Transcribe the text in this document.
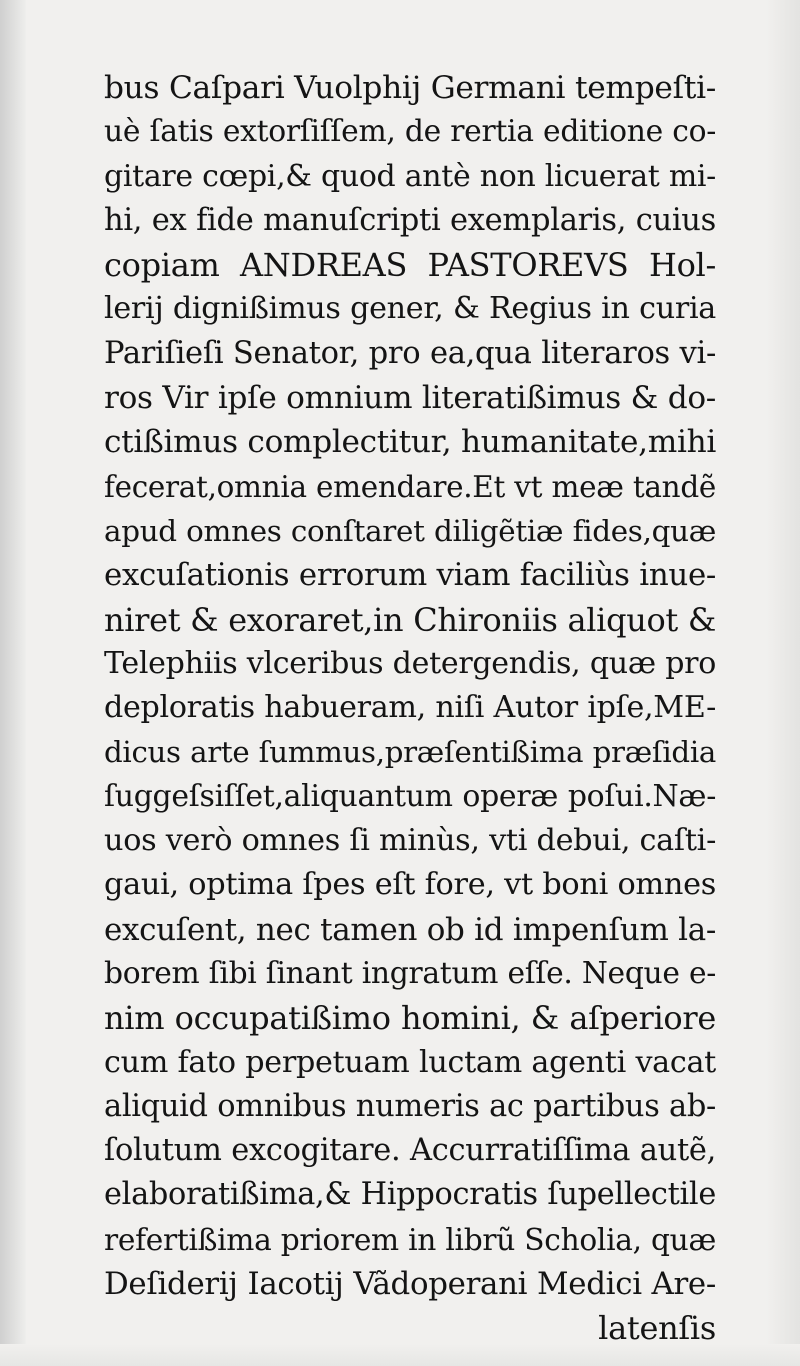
bus Caſpari Vuolphij Germani tempeſti-
uè ſatis extorſiſſem, de rertia editione co-
gitare cœpi,& quod antè non licuerat mi-
hi, ex fide manuſcripti exemplaris, cuius
copiam ANDREAS PASTOREVS Hol-
lerij dignißimus gener, & Regius in curia
Pariſieſi Senator, pro ea,qua literaros vi-
ros Vir ipſe omnium literatißimus & do-
ctißimus complectitur, humanitate,mihi
fecerat,omnia emendare.Et vt meæ tandẽ
apud omnes conſtaret diligẽtiæ fides,quæ
excuſationis errorum viam faciliùs inue-
niret & exoraret,in Chironiis aliquot &
Telephiis vlceribus detergendis, quæ pro
deploratis habueram, niſi Autor ipſe,ME-
dicus arte ſummus,præſentißima præſidia
ſuggeſsiſſet,aliquantum operæ poſui.Næ-
uos verò omnes ſi minùs, vti debui, caſti-
gaui, optima ſpes eſt fore, vt boni omnes
excuſent, nec tamen ob id impenſum la-
borem ſibi ſinant ingratum eſſe. Neque e-
nim occupatißimo homini, & aſperiore
cum fato perpetuam luctam agenti vacat
aliquid omnibus numeris ac partibus ab-
ſolutum excogitare. Accurratiſſima autẽ,
elaboratißima,& Hippocratis ſupellectile
refertißima priorem in librũ Scholia, quæ
Deſiderij Iacotij Vãdoperani Medici Are-
latenſis
